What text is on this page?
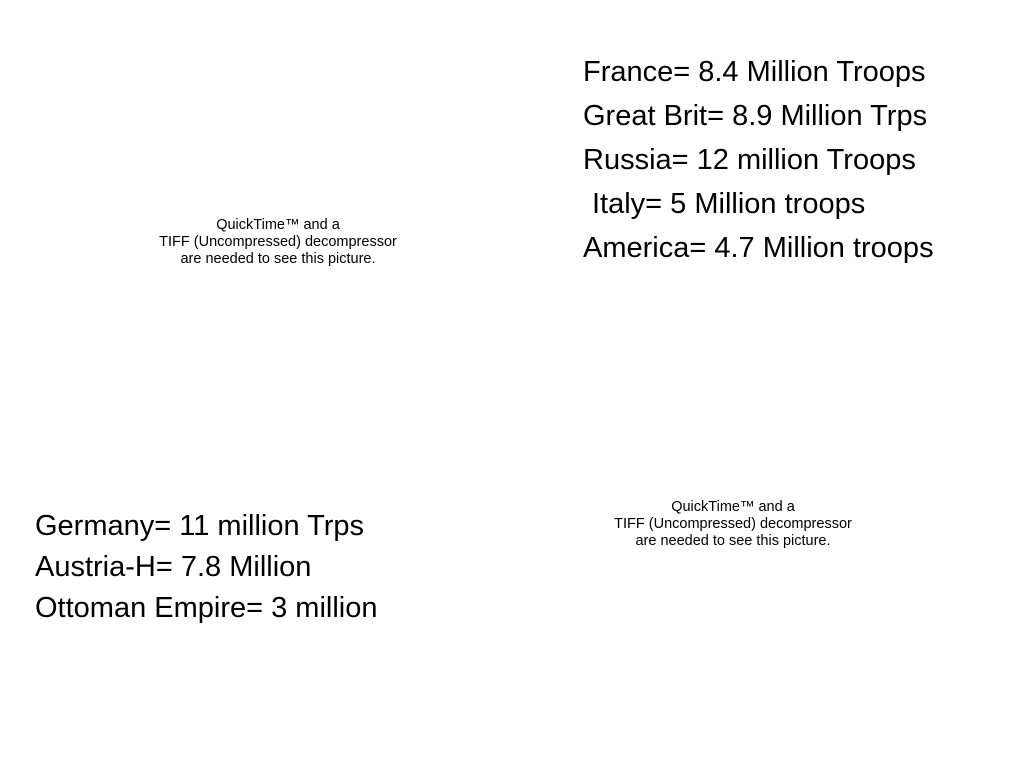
QuickTime™ and a
TIFF (Uncompressed) decompressor
are needed to see this picture.
France= 8.4 Million Troops
Great Brit= 8.9 Million Trps
Russia= 12 million Troops
Italy= 5 Million troops
America= 4.7 Million troops
Germany= 11 million Trps
Austria-H= 7.8 Million
Ottoman Empire= 3 million
QuickTime™ and a
TIFF (Uncompressed) decompressor
are needed to see this picture.
